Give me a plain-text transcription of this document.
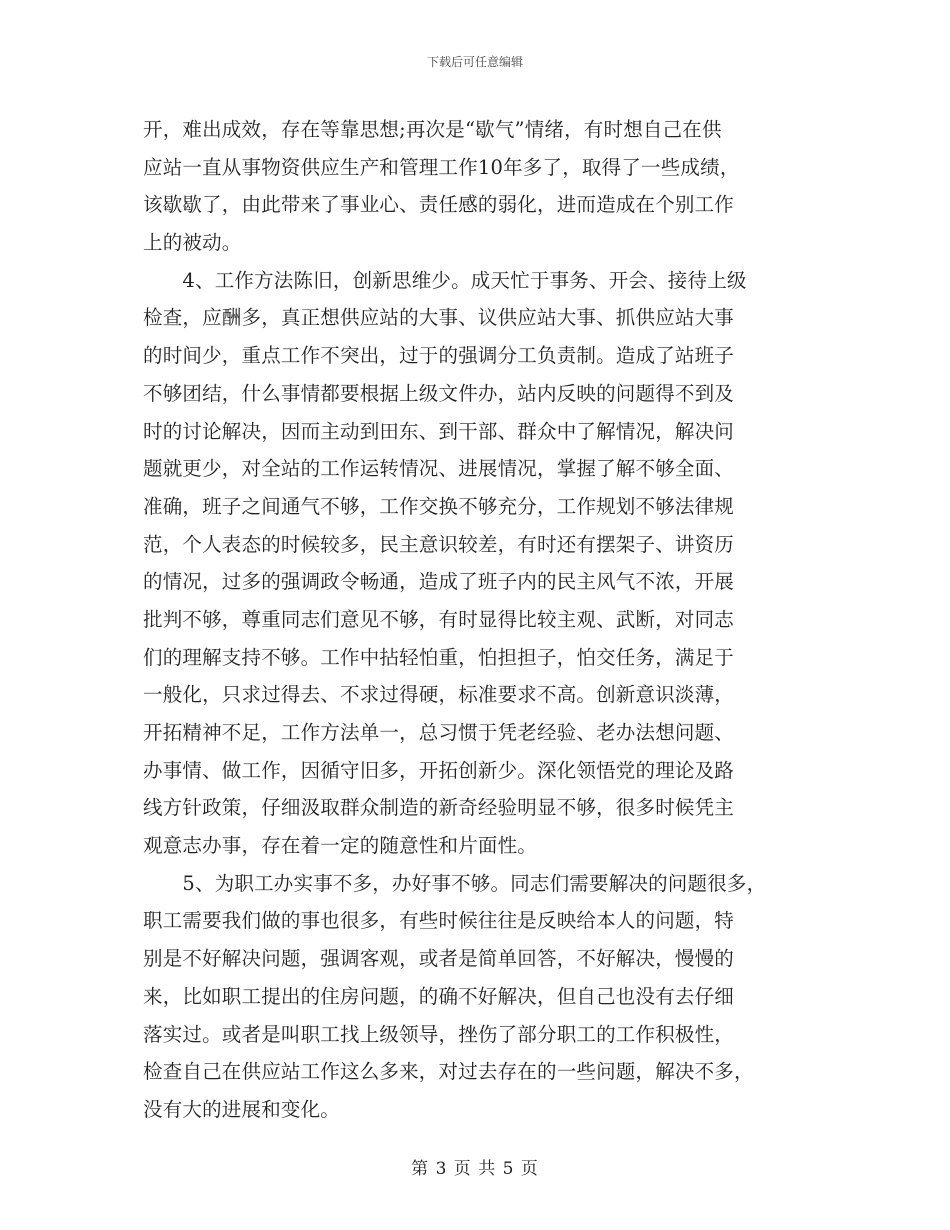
下载后可任意编辑
开，难出成效，存在等靠思想;再次是“歇气”情绪，有时想自己在供
应站一直从事物资供应生产和管理工作10年多了，取得了一些成绩，
该歇歇了，由此带来了事业心、责任感的弱化，进而造成在个别工作
上的被动。
　　4、工作方法陈旧，创新思维少。成天忙于事务、开会、接待上级
检查，应酬多，真正想供应站的大事、议供应站大事、抓供应站大事
的时间少，重点工作不突出，过于的强调分工负责制。造成了站班子
不够团结，什么事情都要根据上级文件办，站内反映的问题得不到及
时的讨论解决，因而主动到田东、到干部、群众中了解情况，解决问
题就更少，对全站的工作运转情况、进展情况，掌握了解不够全面、
准确，班子之间通气不够，工作交换不够充分，工作规划不够法律规
范，个人表态的时候较多，民主意识较差，有时还有摆架子、讲资历
的情况，过多的强调政令畅通，造成了班子内的民主风气不浓，开展
批判不够，尊重同志们意见不够，有时显得比较主观、武断，对同志
们的理解支持不够。工作中拈轻怕重，怕担担子，怕交任务，满足于
一般化，只求过得去、不求过得硬，标准要求不高。创新意识淡薄，
开拓精神不足，工作方法单一，总习惯于凭老经验、老办法想问题、
办事情、做工作，因循守旧多，开拓创新少。深化领悟党的理论及路
线方针政策，仔细汲取群众制造的新奇经验明显不够，很多时候凭主
观意志办事，存在着一定的随意性和片面性。
　　5、为职工办实事不多，办好事不够。同志们需要解决的问题很多，
职工需要我们做的事也很多，有些时候往往是反映给本人的问题，特
别是不好解决问题，强调客观，或者是简单回答，不好解决，慢慢的
来，比如职工提出的住房问题，的确不好解决，但自己也没有去仔细
落实过。或者是叫职工找上级领导，挫伤了部分职工的工作积极性，
检查自己在供应站工作这么多来，对过去存在的一些问题，解决不多，
没有大的进展和变化。
第 3 页 共 5 页
